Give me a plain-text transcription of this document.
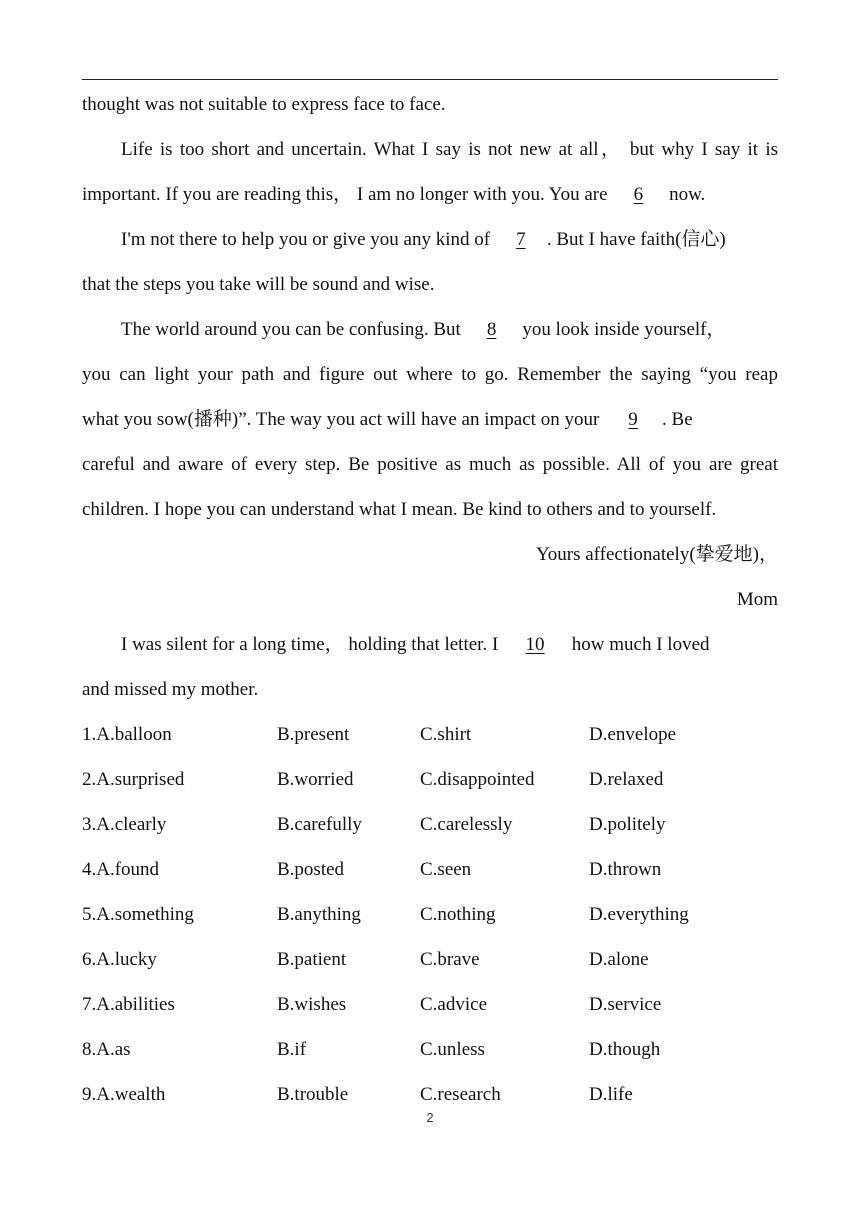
thought was not suitable to express face to face.
Life is too short and uncertain. What I say is not new at all， but why I say it is
important. If you are reading this， I am no longer with you. You are 6 now.
I'm not there to help you or give you any kind of 7 . But I have faith(信心)
that the steps you take will be sound and wise.
The world around you can be confusing. But 8 you look inside yourself，
you can light your path and figure out where to go. Remember the saying “you reap
what you sow(播种)”. The way you act will have an impact on your 9 . Be
careful and aware of every step. Be positive as much as possible. All of you are great
children. I hope you can understand what I mean. Be kind to others and to yourself.
Yours affectionately(挚爱地)，
Mom
I was silent for a long time， holding that letter. I 10 how much I loved
and missed my mother.
1.A.balloon	B.present	C.shirt	D.envelope
2.A.surprised	B.worried	C.disappointed	D.relaxed
3.A.clearly	B.carefully	C.carelessly	D.politely
4.A.found	B.posted	C.seen	D.thrown
5.A.something	B.anything	C.nothing	D.everything
6.A.lucky	B.patient	C.brave	D.alone
7.A.abilities	B.wishes	C.advice	D.service
8.A.as	B.if	C.unless	D.though
9.A.wealth	B.trouble	C.research	D.life
2
